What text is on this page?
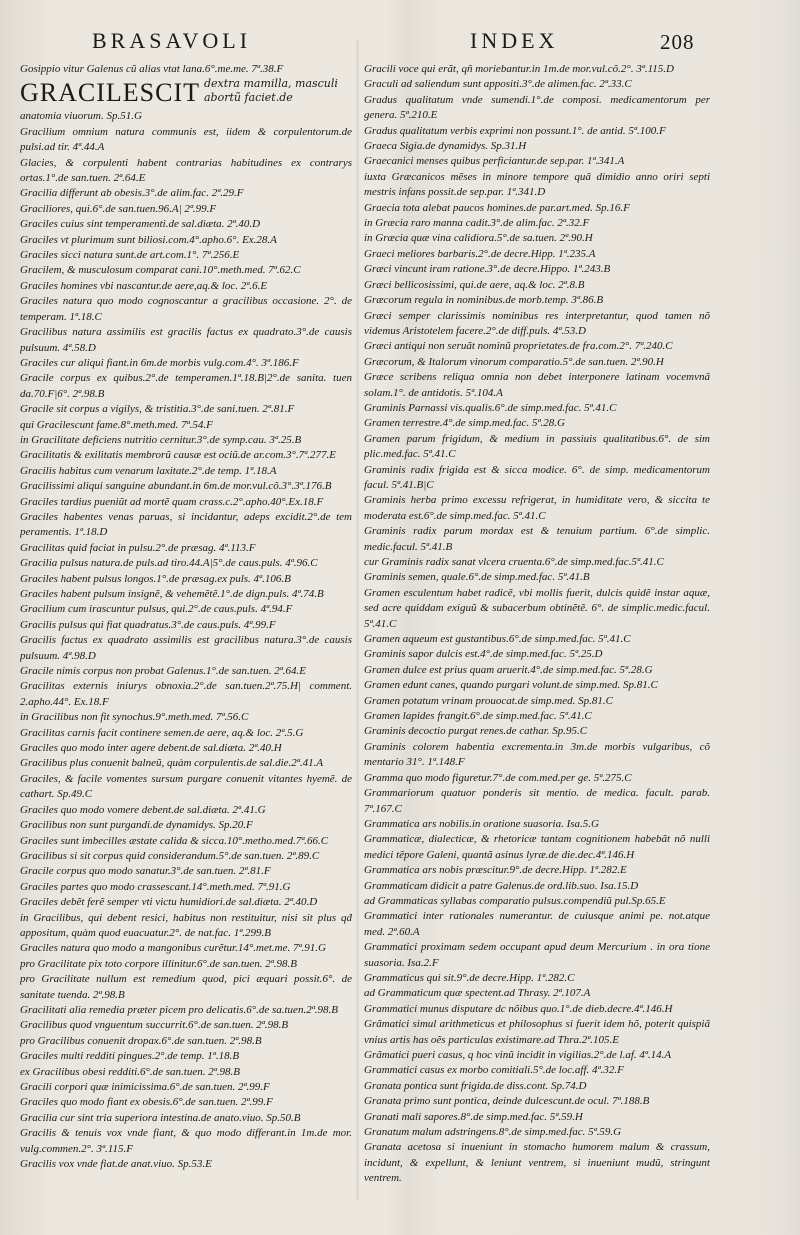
BRASAVOLI	INDEX	208

Gosippio vitur Galenus cũ alias vtat lana.6°.me.me. 7ª.38.F

GRACILESCIT dextra mamilla, masculi abortũ faciet.de
anatomia viuorum. Sp.51.G
Gracilium omnium natura communis est, iidem & corpulentorum.de pulsi.ad tir. 4ª.44.A
Glacies, & corpulenti habent contrarias habitudines ex contrarys ortas.1°.de san.tuen. 2ª.64.E
Gracilia differunt ab obesis.3°.de alim.fac. 2ª.29.F
Graciliores, qui.6°.de san.tuen.96.A| 2ª.99.F
Graciles cuius sint temperamenti.de sal.diæta. 2ª.40.D
Graciles vt plurimum sunt biliosi.com.4°.apho.6°. Ex.28.A
Graciles sicci natura sunt.de art.com.1°. 7ª.256.E
Gracilem, & musculosum comparat cani.10°.meth.med. 7ª.62.C
Graciles homines vbi nascantur.de aere,aq.& loc. 2ª.6.E
Graciles natura quo modo cognoscantur a gracilibus occasione. 2°. de temperam. 1ª.18.C
Gracilibus natura assimilis est gracilis factus ex quadrato.3°.de causis pulsuum. 4ª.58.D
Graciles cur aliqui fiant.in 6m.de morbis vulg.com.4°. 3ª.186.F
Gracile corpus ex quibus.2°.de temperamen.1ª.18.B|2°.de sanita. tuen da.70.F|6°. 2ª.98.B
Gracile sit corpus a vigilys, & tristitia.3°.de sani.tuen. 2ª.81.F
qui Gracilescunt fame.8°.meth.med. 7ª.54.F
in Gracilitate deficiens nutritio cernitur.3°.de symp.cau. 3ª.25.B
Gracilitatis & exilitatis membrorũ causæ est ociũ.de ar.com.3°.7ª.277.E
Gracilis habitus cum venarum laxitate.2°.de temp. 1ª.18.A
Gracilissimi aliqui sanguine abundant.in 6m.de mor.vul.cõ.3°.3ª.176.B
Graciles tardius pueniũt ad mortẽ quam crass.c.2°.apho.40°.Ex.18.F
Graciles habentes venas paruas, si incidantur, adeps excidit.2°.de tem peramentis. 1ª.18.D
Gracilitas quid faciat in pulsu.2°.de præsag. 4ª.113.F
Gracilia pulsus natura.de puls.ad tiro.44.A|5°.de caus.puls. 4ª.96.C
Graciles habent pulsus longos.1°.de præsag.ex puls. 4ª.106.B
Graciles habent pulsum insignẽ, & vehemẽtẽ.1°.de dign.puls. 4ª.74.B
Gracilium cum irascuntur pulsus, qui.2°.de caus.puls. 4ª.94.F
Gracilis pulsus qui fiat quadratus.3°.de caus.puls. 4ª.99.F
Gracilis factus ex quadrato assimilis est gracilibus natura.3°.de causis pulsuum. 4ª.98.D
Gracile nimis corpus non probat Galenus.1°.de san.tuen. 2ª.64.E
Gracilitas externis iniurys obnoxia.2°.de san.tuen.2ª.75.H| comment. 2.apho.44°. Ex.18.F
in Gracilibus non fit synochus.9°.meth.med. 7ª.56.C
Gracilitas carnis facit continere semen.de aere, aq.& loc. 2ª.5.G
Graciles quo modo inter agere debent.de sal.diæta. 2ª.40.H
Gracilibus plus conuenit balneũ, quàm corpulentis.de sal.die.2ª.41.A
Graciles, & facile vomentes sursum purgare conuenit vitantes hyemẽ. de cathart. Sp.49.C
Graciles quo modo vomere debent.de sal.diæta. 2ª.41.G
Gracilibus non sunt purgandi.de dynamidys. Sp.20.F
Graciles sunt imbecilles æstate calida & sicca.10°.metho.med.7ª.66.C
Gracilibus si sit corpus quid considerandum.5°.de san.tuen. 2ª.89.C
Gracile corpus quo modo sanatur.3°.de san.tuen. 2ª.81.F
Graciles partes quo modo crassescant.14°.meth.med. 7ª.91.G
Graciles debẽt ferẽ semper vti victu humidiori.de sal.diæta. 2ª.40.D
in Gracilibus, qui debent resici, habitus non restituitur, nisi sit plus qđ appositum, quàm quod euacuatur.2°. de nat.fac. 1ª.299.B
Graciles natura quo modo a mangonibus curẽtur.14°.met.me. 7ª.91.G
pro Gracilitate pix toto corpore illinitur.6°.de san.tuen. 2ª.98.B
pro Gracilitate nullum est remedium quod, pici æquari possit.6°. de sanitate tuenda. 2ª.98.B
Gracilitati alia remedia præter picem pro delicatis.6°.de sa.tuen.2ª.98.B
Gracilibus quod vnguentum succurrit.6°.de san.tuen. 2ª.98.B
pro Gracilibus conuenit dropax.6°.de san.tuen. 2ª.98.B
Graciles multi redditi pingues.2°.de temp. 1ª.18.B
ex Gracilibus obesi redditi.6°.de san.tuen. 2ª.98.B
Gracili corpori quæ inimicissima.6°.de san.tuen. 2ª.99.F
Graciles quo modo fiant ex obesis.6°.de san.tuen. 2ª.99.F
Gracilia cur sint tria superiora intestina.de anato.viuo. Sp.50.B
Gracilis & tenuis vox vnde fiant, & quo modo differant.in 1m.de mor. vulg.commen.2°. 3ª.115.F
Gracilis vox vnde fiat.de anat.viuo. Sp.53.E
Gracili voce qui erãt, qñ moriebantur.in 1m.de mor.vul.cõ.2°. 3ª.115.D
Graculi ad saliendum sunt appositi.3°.de alimen.fac. 2ª.33.C
Gradus qualitatum vnde sumendi.1°.de composi. medicamentorum per genera. 5ª.210.E
Gradus qualitatum verbis exprimi non possunt.1°. de antid. 5ª.100.F
Graeca Sigia.de dynamidys. Sp.31.H
Graecanici menses quibus perficiantur.de sep.par. 1ª.341.A
iuxta Græcanicos mẽses in minore tempore quã dimidio anno oriri septi mestris infans possit.de sep.par. 1ª.341.D
Graecia tota alebat paucos homines.de par.art.med. Sp.16.F
in Græcia raro manna cadit.3°.de alim.fac. 2ª.32.F
in Græcia quæ vina calidiora.5°.de sa.tuen. 2ª.90.H
Graeci meliores barbaris.2°.de decre.Hipp. 1ª.235.A
Græci vincunt iram ratione.3°.de decre.Hippo. 1ª.243.B
Græci bellicosissimi, qui.de aere, aq.& loc. 2ª.8.B
Græcorum regula in nominibus.de morb.temp. 3ª.86.B
Græci semper clarissimis nominibus res interpretantur, quod tamen nõ videmus Aristotelem facere.2°.de diff.puls. 4ª.53.D
Græci antiqui non seruãt nominũ proprietates.de fra.com.2°. 7ª.240.C
Græcorum, & Italorum vinorum comparatio.5°.de san.tuen. 2ª.90.H
Græce scribens reliqua omnia non debet interponere latinam vocemvnã solam.1°. de antidotis. 5ª.104.A
Graminis Parnassi vis.qualis.6°.de simp.med.fac. 5ª.41.C
Gramen terrestre.4°.de simp.med.fac. 5ª.28.G
Gramen parum frigidum, & medium in passiuis qualitatibus.6°. de sim plic.med.fac. 5ª.41.C
Graminis radix frigida est & sicca modice. 6°. de simp. medicamentorum facul. 5ª.41.B|C
Graminis herba primo excessu refrigerat, in humiditate vero, & siccita te moderata est.6°.de simp.med.fac. 5ª.41.C
Graminis radix parum mordax est & tenuium partium. 6°.de simplic. medic.facul. 5ª.41.B
cur Graminis radix sanat vlcera cruenta.6°.de simp.med.fac.5ª.41.C
Graminis semen, quale.6°.de simp.med.fac. 5ª.41.B
Gramen esculentum habet radicẽ, vbi mollis fuerit, dulcis quidẽ instar aquæ, sed acre quiddam exiguũ & subacerbum obtinẽtẽ. 6°. de simplic.medic.facul. 5ª.41.C
Gramen aqueum est gustantibus.6°.de simp.med.fac. 5ª.41.C
Graminis sapor dulcis est.4°.de simp.med.fac. 5ª.25.D
Gramen dulce est prius quam aruerit.4°.de simp.med.fac. 5ª.28.G
Gramen edunt canes, quando purgari volunt.de simp.med. Sp.81.C
Gramen potatum vrinam prouocat.de simp.med. Sp.81.C
Gramen lapides frangit.6°.de simp.med.fac. 5ª.41.C
Graminis decoctio purgat renes.de cathar. Sp.95.C
Graminis colorem habentia excrementa.in 3m.de morbis vulgaribus, cõ mentario 31°. 1ª.148.F
Gramma quo modo figuretur.7°.de com.med.per ge. 5ª.275.C
Grammariorum quatuor ponderis sit mentio. de medica. facult. parab. 7ª.167.C
Grammatica ars nobilis.in oratione suasoria. Isa.5.G
Grammaticæ, dialecticæ, & rhetoricæ tantam cognitionem habebãt nõ nulli medici tẽpore Galeni, quantã asinus lyræ.de die.dec.4ª.146.H
Grammatica ars nobis præscitur.9°.de decre.Hipp. 1ª.282.E
Grammaticam didicit a patre Galenus.de ord.lib.suo. Isa.15.D
ad Grammaticas syllabas comparatio pulsus.compendiũ pul.Sp.65.E
Grammatici inter rationales numerantur. de cuiusque animi pe. not.atque med. 2ª.60.A
Grammatici proximam sedem occupant apud deum Mercurium . in ora tione suasoria. Isa.2.F
Grammaticus qui sit.9°.de decre.Hipp. 1ª.282.C
ad Grammaticum quæ spectent.ad Thrasy. 2ª.107.A
Grammatici munus disputare dc nõibus quo.1°.de dieb.decre.4ª.146.H
Grãmatici simul arithmeticus et philosophus si fuerit idem hõ, poterit quispiã vnius artis has oẽs particulas existimare.ad Thra.2ª.105.E
Grãmatici pueri casus, q hoc vinũ incidit in vigilias.2°.de l.af. 4ª.14.A
Grammatici casus ex morbo comitiali.5°.de loc.aff. 4ª.32.F
Granata pontica sunt frigida.de diss.cont. Sp.74.D
Granata primo sunt pontica, deinde dulcescunt.de ocul. 7ª.188.B
Granati mali sapores.8°.de simp.med.fac. 5ª.59.H
Granatum malum adstringens.8°.de simp.med.fac. 5ª.59.G
Granata acetosa si inueniunt in stomacho humorem malum & crassum, incidunt, & expellunt, & leniunt ventrem, si inueniunt mudũ, stringunt ventrem.
